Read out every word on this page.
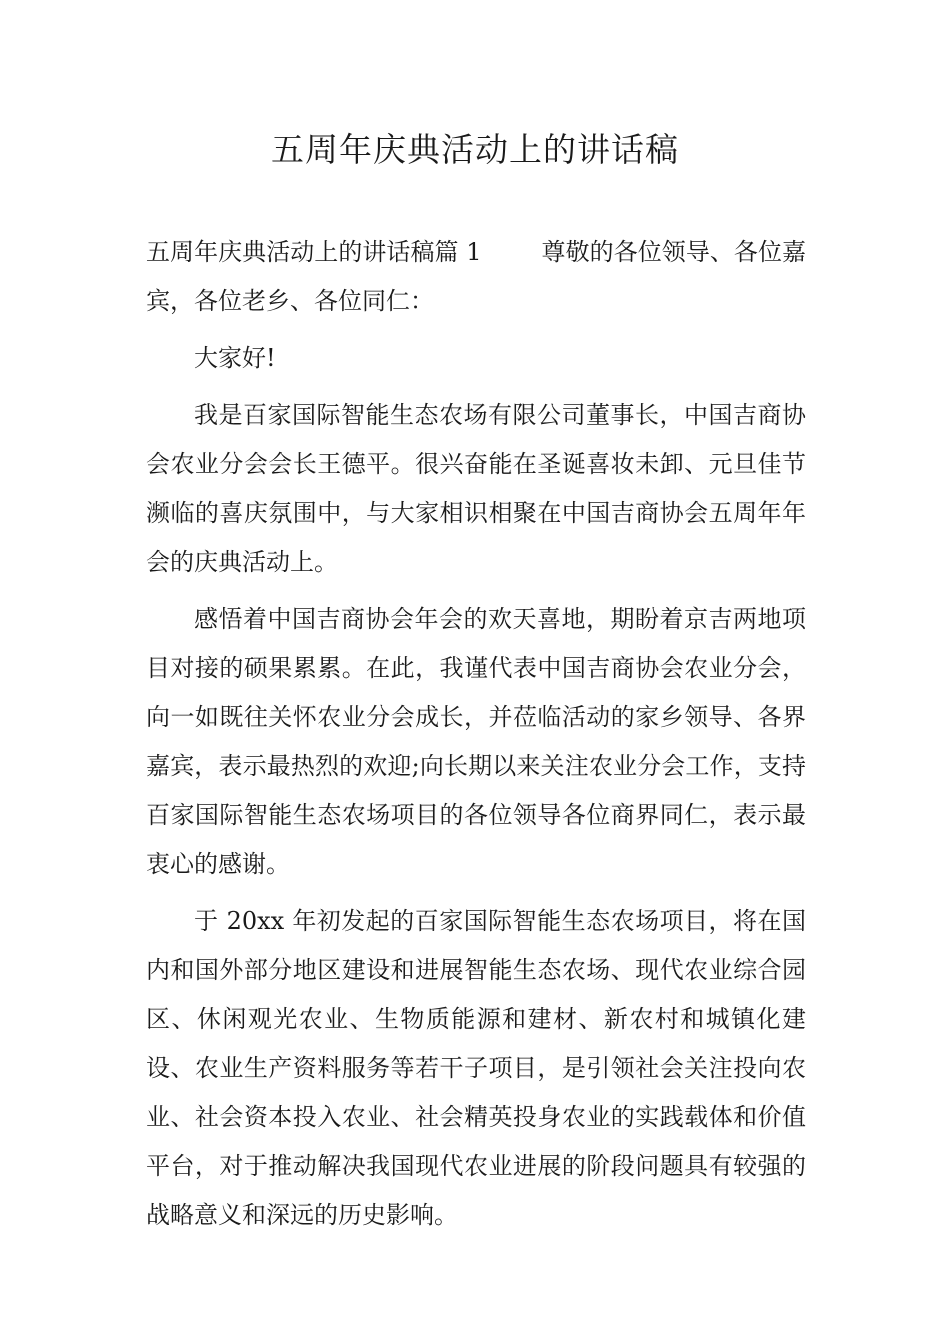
五周年庆典活动上的讲话稿

五周年庆典活动上的讲话稿篇 1	尊敬的各位领导、各位嘉宾，各位老乡、各位同仁：

大家好!

我是百家国际智能生态农场有限公司董事长，中国吉商协会农业分会会长王德平。很兴奋能在圣诞喜妆未卸、元旦佳节濒临的喜庆氛围中，与大家相识相聚在中国吉商协会五周年年会的庆典活动上。

感悟着中国吉商协会年会的欢天喜地，期盼着京吉两地项目对接的硕果累累。在此，我谨代表中国吉商协会农业分会，向一如既往关怀农业分会成长，并莅临活动的家乡领导、各界嘉宾，表示最热烈的欢迎;向长期以来关注农业分会工作，支持百家国际智能生态农场项目的各位领导各位商界同仁，表示最衷心的感谢。

于 20xx 年初发起的百家国际智能生态农场项目，将在国内和国外部分地区建设和进展智能生态农场、现代农业综合园区、休闲观光农业、生物质能源和建材、新农村和城镇化建设、农业生产资料服务等若干子项目，是引领社会关注投向农业、社会资本投入农业、社会精英投身农业的实践载体和价值平台，对于推动解决我国现代农业进展的阶段问题具有较强的战略意义和深远的历史影响。
